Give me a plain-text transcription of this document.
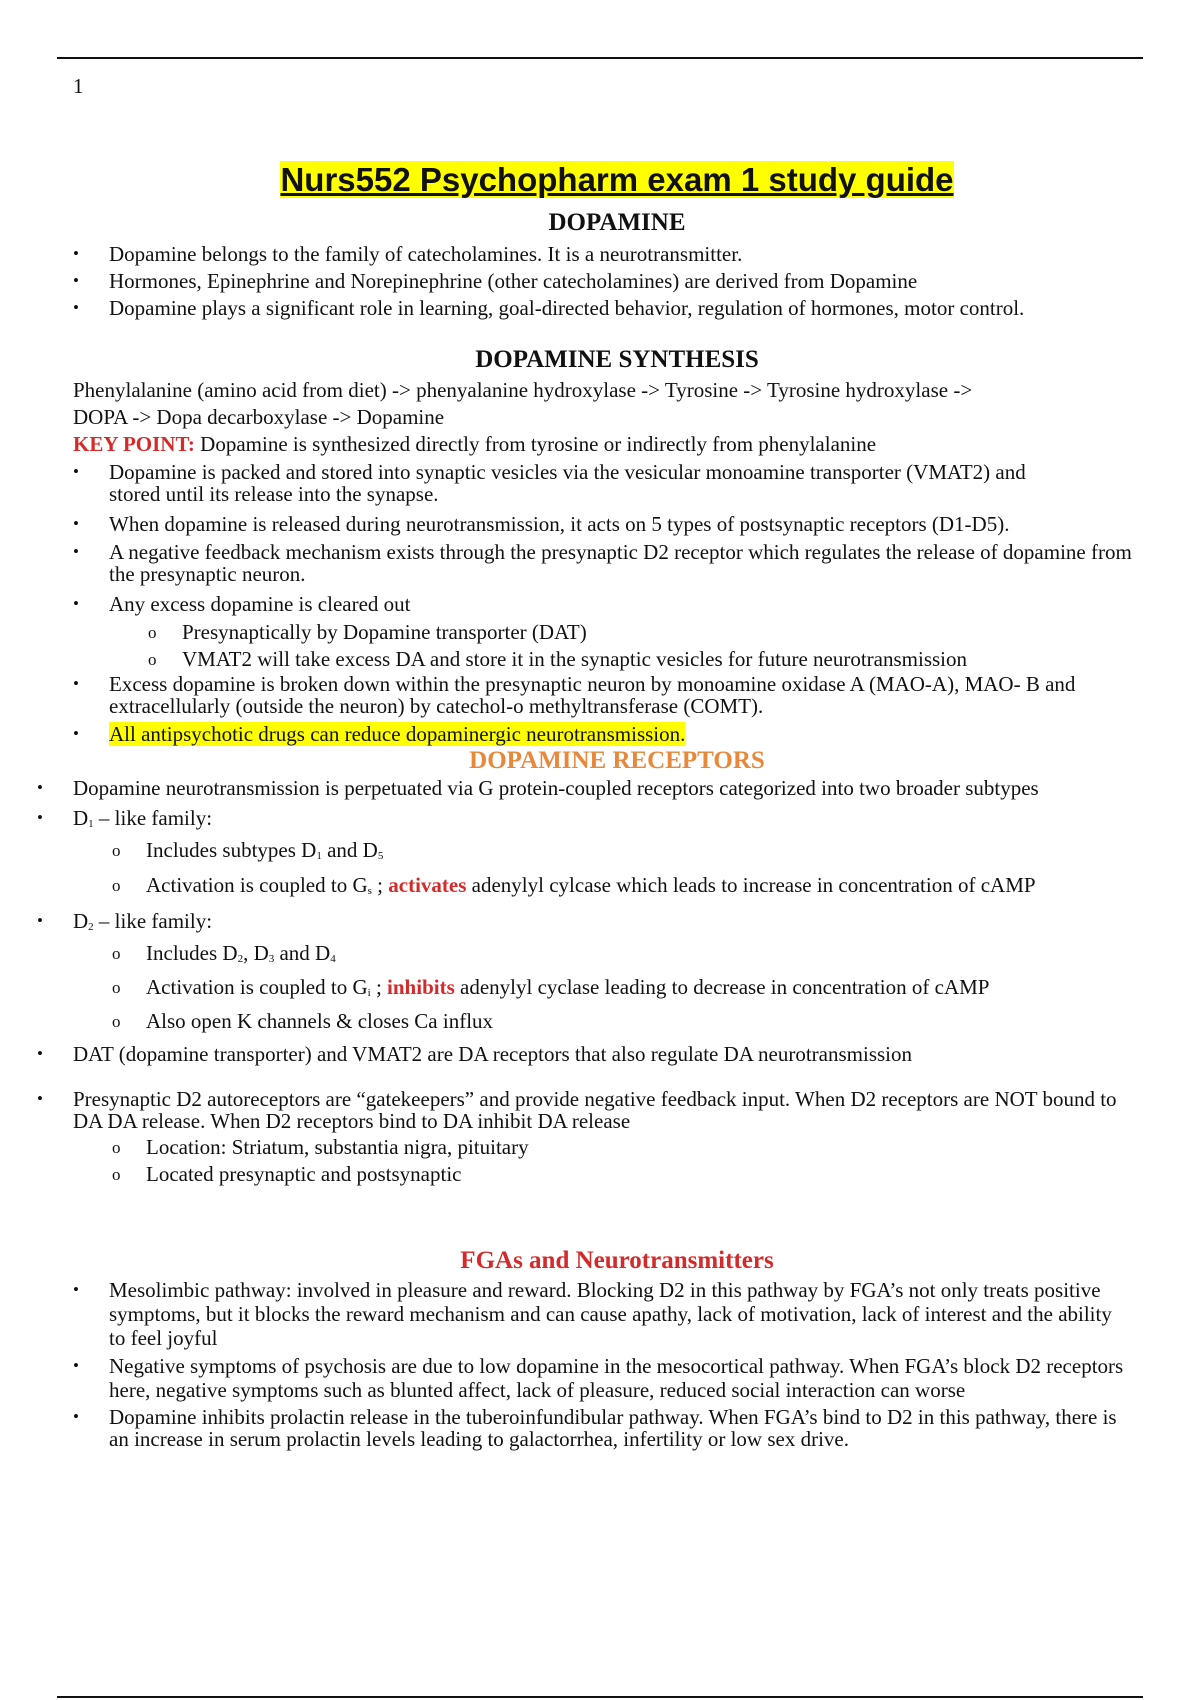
1
Nurs552 Psychopharm exam 1 study guide
DOPAMINE
• Dopamine belongs to the family of catecholamines. It is a neurotransmitter.
• Hormones, Epinephrine and Norepinephrine (other catecholamines) are derived from Dopamine
• Dopamine plays a significant role in learning, goal-directed behavior, regulation of hormones, motor control.
DOPAMINE SYNTHESIS
Phenylalanine (amino acid from diet) -> phenyalanine hydroxylase -> Tyrosine -> Tyrosine hydroxylase ->
DOPA -> Dopa decarboxylase -> Dopamine
KEY POINT: Dopamine is synthesized directly from tyrosine or indirectly from phenylalanine
• Dopamine is packed and stored into synaptic vesicles via the vesicular monoamine transporter (VMAT2) and stored until its release into the synapse.
• When dopamine is released during neurotransmission, it acts on 5 types of postsynaptic receptors (D1-D5).
• A negative feedback mechanism exists through the presynaptic D2 receptor which regulates the release of dopamine from the presynaptic neuron.
• Any excess dopamine is cleared out
o Presynaptically by Dopamine transporter (DAT)
o VMAT2 will take excess DA and store it in the synaptic vesicles for future neurotransmission
• Excess dopamine is broken down within the presynaptic neuron by monoamine oxidase A (MAO-A), MAO- B and extracellularly (outside the neuron) by catechol-o methyltransferase (COMT).
• All antipsychotic drugs can reduce dopaminergic neurotransmission.
DOPAMINE RECEPTORS
• Dopamine neurotransmission is perpetuated via G protein-coupled receptors categorized into two broader subtypes
• $D_1$ – like family:
o Includes subtypes $D_1$ and $D_5$
o Activation is coupled to $G_s$ ; activates adenylyl cylcase which leads to increase in concentration of cAMP
• $D_2$ – like family:
o Includes $D_2$, $D_3$ and $D_4$
o Activation is coupled to $G_i$ ; inhibits adenylyl cyclase leading to decrease in concentration of cAMP
o Also open K channels & closes Ca influx
• DAT (dopamine transporter) and VMAT2 are DA receptors that also regulate DA neurotransmission
• Presynaptic D2 autoreceptors are “gatekeepers” and provide negative feedback input. When D2 receptors are NOT bound to DA DA release. When D2 receptors bind to DA inhibit DA release
o Location: Striatum, substantia nigra, pituitary
o Located presynaptic and postsynaptic
FGAs and Neurotransmitters
• Mesolimbic pathway: involved in pleasure and reward. Blocking D2 in this pathway by FGA’s not only treats positive symptoms, but it blocks the reward mechanism and can cause apathy, lack of motivation, lack of interest and the ability to feel joyful
• Negative symptoms of psychosis are due to low dopamine in the mesocortical pathway. When FGA’s block D2 receptors here, negative symptoms such as blunted affect, lack of pleasure, reduced social interaction can worse
• Dopamine inhibits prolactin release in the tuberoinfundibular pathway. When FGA’s bind to D2 in this pathway, there is an increase in serum prolactin levels leading to galactorrhea, infertility or low sex drive.
